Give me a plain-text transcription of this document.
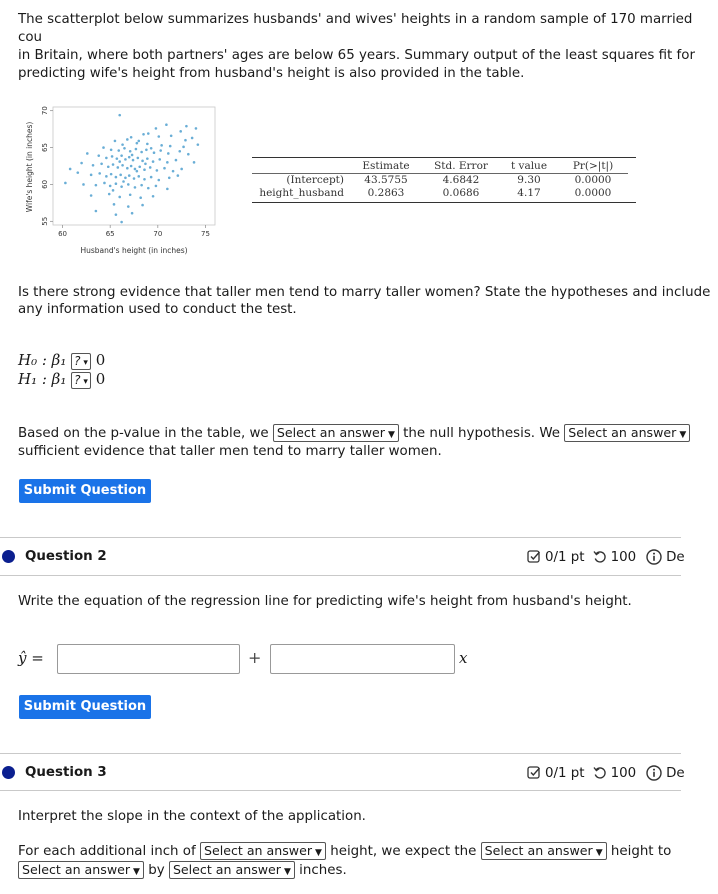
The scatterplot below summarizes husbands' and wives' heights in a random sample of 170 married cou

in Britain, where both partners' ages are below 65 years. Summary output of the least squares fit for

predicting wife's height from husband's height is also provided in the table.

55
60
65
70
60	65	70	75
Wife's height (in inches)
Husband's height (in inches)
	Estimate	Std. Error	t value	Pr(>|t|)
(Intercept)	43.5755	4.6842	9.30	0.0000
height_husband	0.2863	0.0686	4.17	0.0000
Is there strong evidence that taller men tend to marry taller women? State the hypotheses and include
any information used to conduct the test.
H₀ : β₁ ? ▾ 0
H₁ : β₁ ? ▾ 0
Based on the p-value in the table, we Select an answer ▼ the null hypothesis. We Select an answer ▼
sufficient evidence that taller men tend to marry taller women.
Submit Question
Question 2	0/1 pt 100 De
Write the equation of the regression line for predicting wife's height from husband's height.
ŷ =	+	x
Submit Question
Question 3	0/1 pt 100 De
Interpret the slope in the context of the application.
For each additional inch of Select an answer ▼ height, we expect the Select an answer ▼ height to
Select an answer ▼ by Select an answer ▼ inches.
